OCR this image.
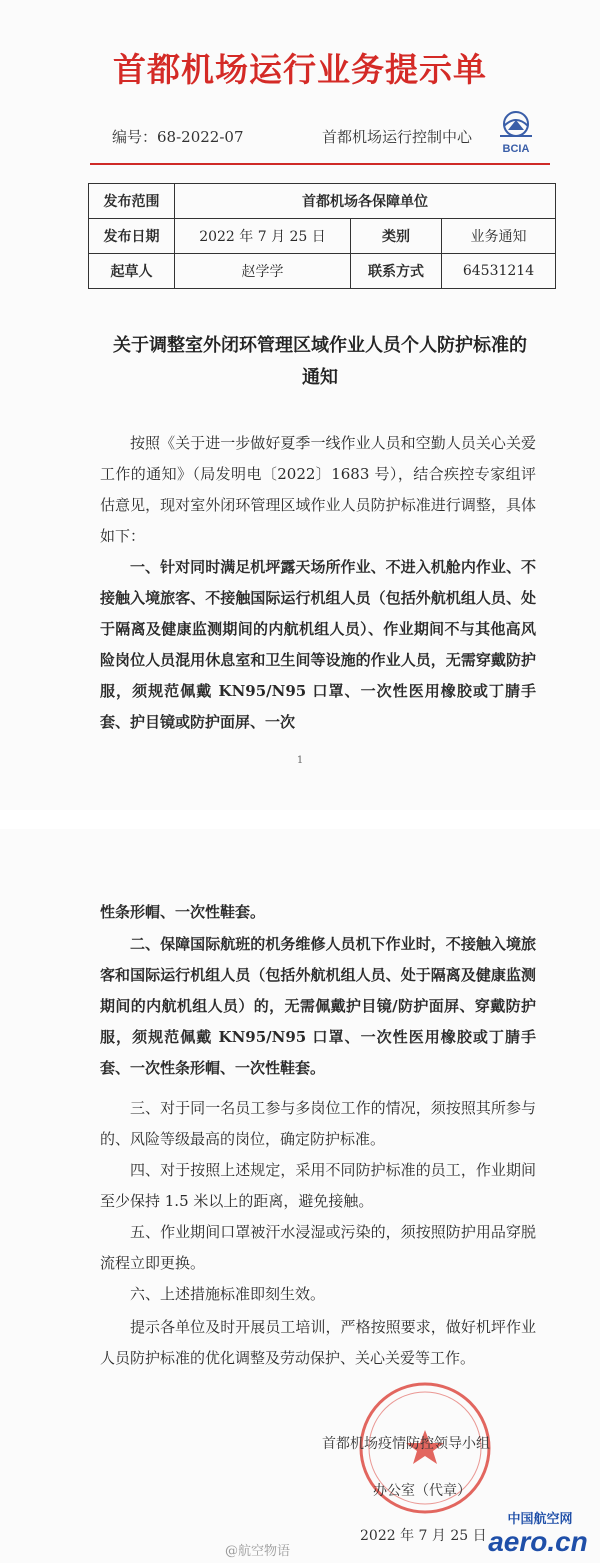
首都机场运行业务提示单
编号：68-2022-07	首都机场运行控制中心
BCIA
发布范围	首都机场各保障单位		
发布日期	2022 年 7 月 25 日	类别	业务通知
起草人	赵学学	联系方式	64531214
关于调整室外闭环管理区域作业人员个人防护标准的
通知

按照《关于进一步做好夏季一线作业人员和空勤人员关心关爱工作的通知》（局发明电〔2022〕1683 号），结合疾控专家组评估意见，现对室外闭环管理区域作业人员防护标准进行调整，具体如下：

一、针对同时满足机坪露天场所作业、不进入机舱内作业、不接触入境旅客、不接触国际运行机组人员（包括外航机组人员、处于隔离及健康监测期间的内航机组人员）、作业期间不与其他高风险岗位人员混用休息室和卫生间等设施的作业人员，无需穿戴防护服，须规范佩戴 KN95/N95 口罩、一次性医用橡胶或丁腈手套、护目镜或防护面屏、一次

1

性条形帽、一次性鞋套。

二、保障国际航班的机务维修人员机下作业时，不接触入境旅客和国际运行机组人员（包括外航机组人员、处于隔离及健康监测期间的内航机组人员）的，无需佩戴护目镜/防护面屏、穿戴防护服，须规范佩戴 KN95/N95 口罩、一次性医用橡胶或丁腈手套、一次性条形帽、一次性鞋套。

三、对于同一名员工参与多岗位工作的情况，须按照其所参与的、风险等级最高的岗位，确定防护标准。

四、对于按照上述规定，采用不同防护标准的员工，作业期间至少保持 1.5 米以上的距离，避免接触。

五、作业期间口罩被汗水浸湿或污染的，须按照防护用品穿脱流程立即更换。

六、上述措施标准即刻生效。

提示各单位及时开展员工培训，严格按照要求，做好机坪作业人员防护标准的优化调整及劳动保护、关心关爱等工作。

首都机场疫情防控领导小组
办公室（代章）
2022 年 7 月 25 日
@航空物语
中国航空网
aero.cn
